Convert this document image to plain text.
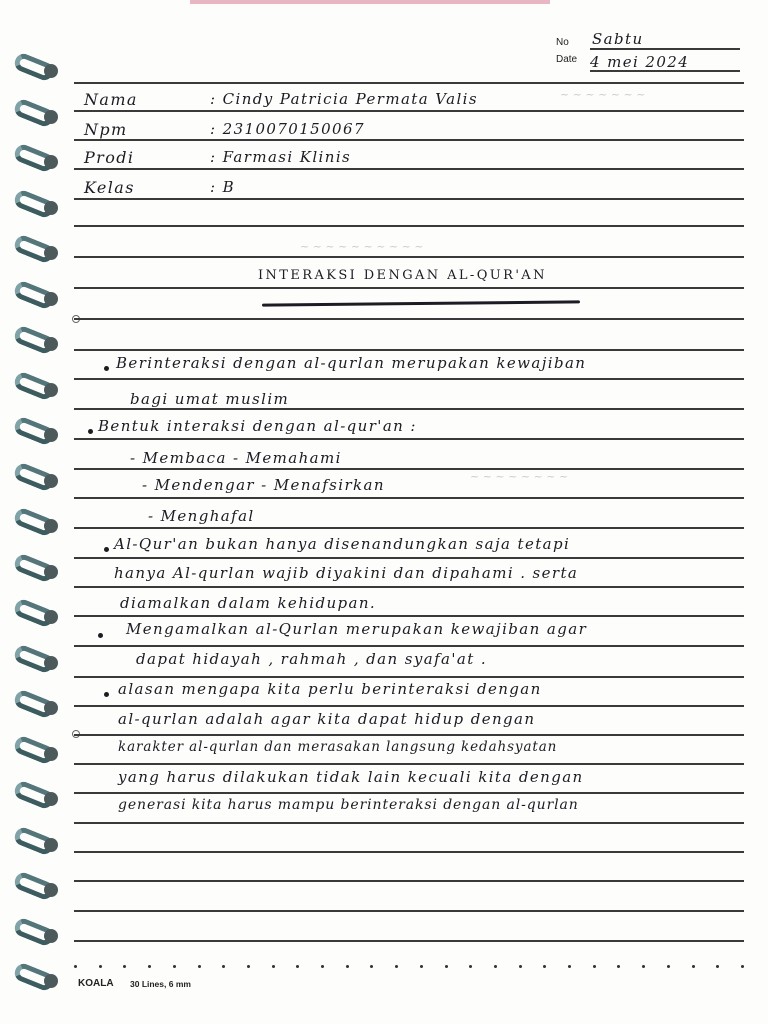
~ ~ ~ ~ ~ ~ ~
~ ~ ~ ~ ~ ~ ~ ~ ~ ~
~ ~ ~ ~ ~ ~ ~ ~
No Sabtu
Date 4 mei 2024
Nama	: Cindy Patricia Permata Valis
Npm	: 2310070150067
Prodi	: Farmasi Klinis
Kelas	: B
INTERAKSI DENGAN AL-QUR'AN
Berinteraksi dengan al-qurlan merupakan kewajiban
bagi umat muslim
Bentuk interaksi dengan al-qur'an :
- Membaca - Memahami
- Mendengar - Menafsirkan
- Menghafal
Al-Qur'an bukan hanya disenandungkan saja tetapi
hanya Al-qurlan wajib diyakini dan dipahami . serta
diamalkan dalam kehidupan.
Mengamalkan al-Qurlan merupakan kewajiban agar
dapat hidayah , rahmah , dan syafa'at .
alasan mengapa kita perlu berinteraksi dengan
al-qurlan adalah agar kita dapat hidup dengan
karakter al-qurlan dan merasakan langsung kedahsyatan
yang harus dilakukan tidak lain kecuali kita dengan
generasi kita harus mampu berinteraksi dengan al-qurlan
KOALA 30 Lines, 6 mm
